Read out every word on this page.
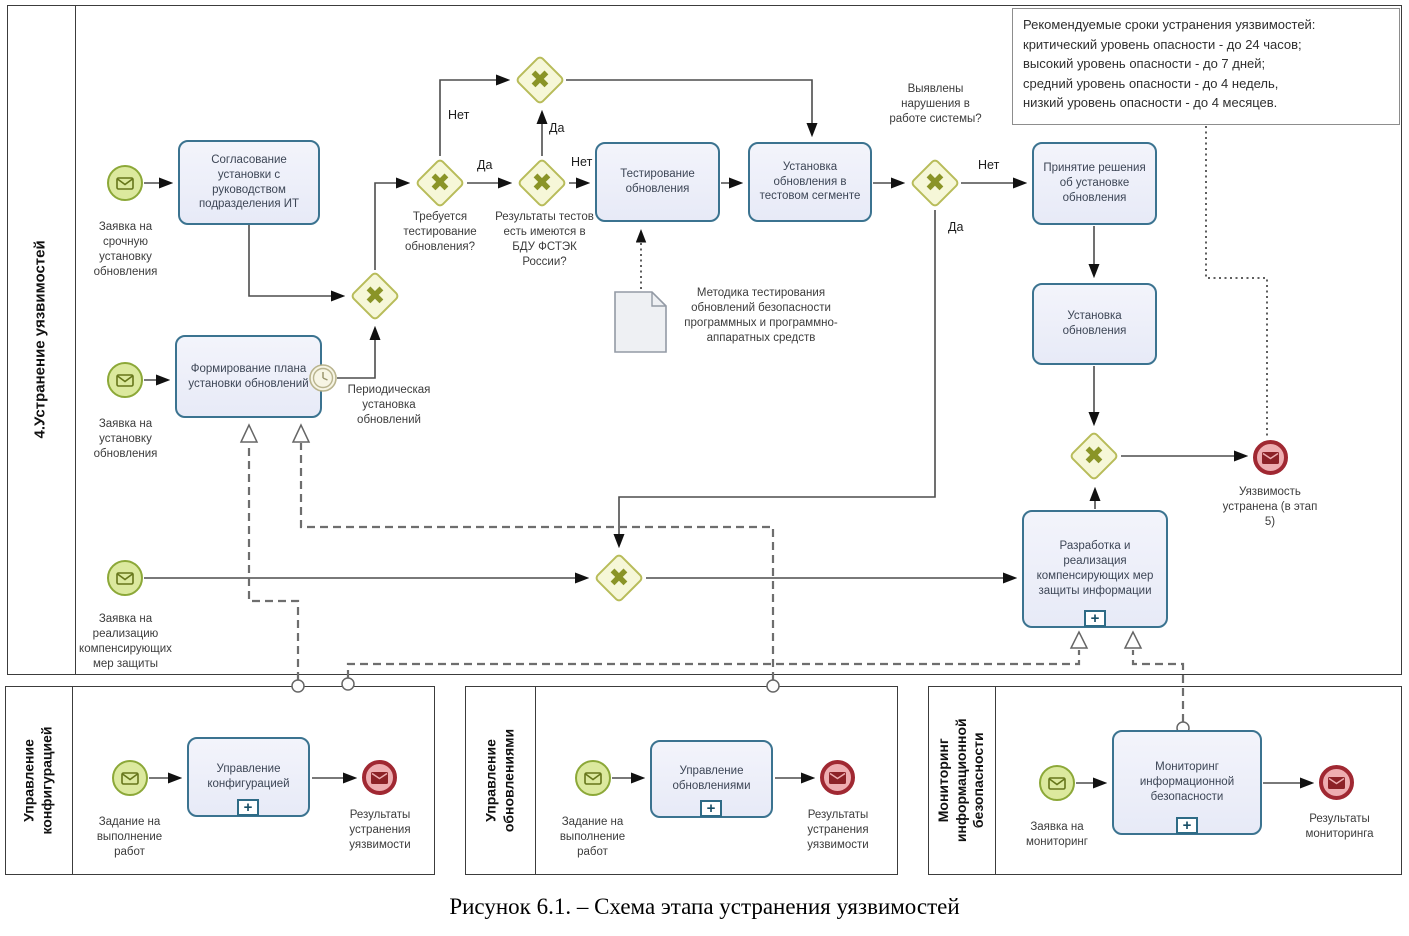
Рекомендуемые сроки устранения уязвимостей:
критический уровень опасности - до 24 часов;
высокий уровень опасности - до 7 дней;
средний уровень опасности - до 4 недель,
низкий уровень опасности - до 4 месяцев.
4.Устранение уязвимостей
Управление конфигурацией	Управление обновлениями	Мониторинг информационной безопасности
Заявка на срочную установку обновления
Заявка на установку обновления
Заявка на реализацию компенсирующих мер защиты
Согласование установки с руководством подразделения ИТ
Формирование плана установки обновлений
Тестирование обновления
Установка обновления в тестовом сегменте
Принятие решения об установке обновления
Установка обновления
Разработка и реализация компенсирующих мер защиты информации
+
Периодическая установка обновлений
✖
✖	✖
✖
✖
✖
✖
Требуется тестирование обновления?
Результаты тестов есть имеются в БДУ ФСТЭК России?
Выявлены нарушения в работе системы?
Нет
Да
Да
Нет	Нет
Да
Методика тестирования обновлений безопасности программных и программно-аппаратных средств
Уязвимость устранена (в этап 5)
Задание на выполнение работ
Управление конфигурацией
+	Результаты устранения уязвимости
Задание на выполнение работ
Управление обновлениями
+	Результаты устранения уязвимости
Заявка на мониторинг
Мониторинг информационной безопасности
+	Результаты мониторинга
Рисунок 6.1. – Схема этапа устранения уязвимостей
